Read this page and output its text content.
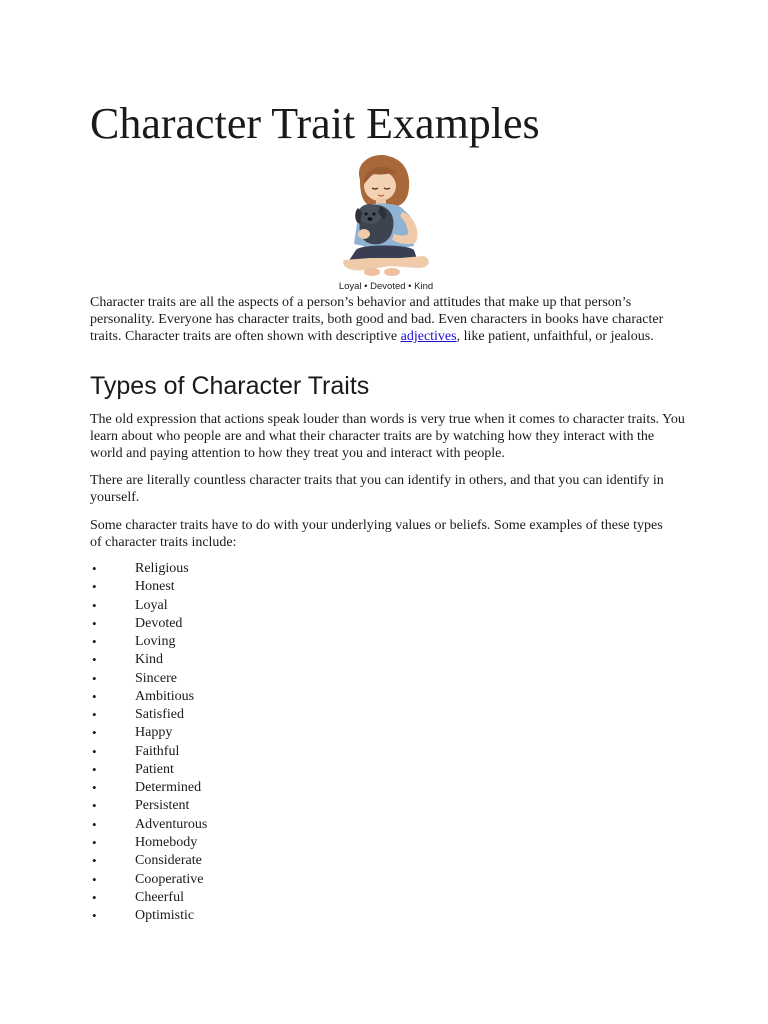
Character Trait Examples
Loyal • Devoted • Kind

Character traits are all the aspects of a person’s behavior and attitudes that make up that person’s personality. Everyone has character traits, both good and bad. Even characters in books have character traits. Character traits are often shown with descriptive adjectives, like patient, unfaithful, or jealous.

Types of Character Traits

The old expression that actions speak louder than words is very true when it comes to character traits. You learn about who people are and what their character traits are by watching how they interact with the world and paying attention to how they treat you and interact with people.

There are literally countless character traits that you can identify in others, and that you can identify in yourself.

Some character traits have to do with your underlying values or beliefs. Some examples of these types of character traits include:

•	Religious
•	Honest
•	Loyal
•	Devoted
•	Loving
•	Kind
•	Sincere
•	Ambitious
•	Satisfied
•	Happy
•	Faithful
•	Patient
•	Determined
•	Persistent
•	Adventurous
•	Homebody
•	Considerate
•	Cooperative
•	Cheerful
•	Optimistic
